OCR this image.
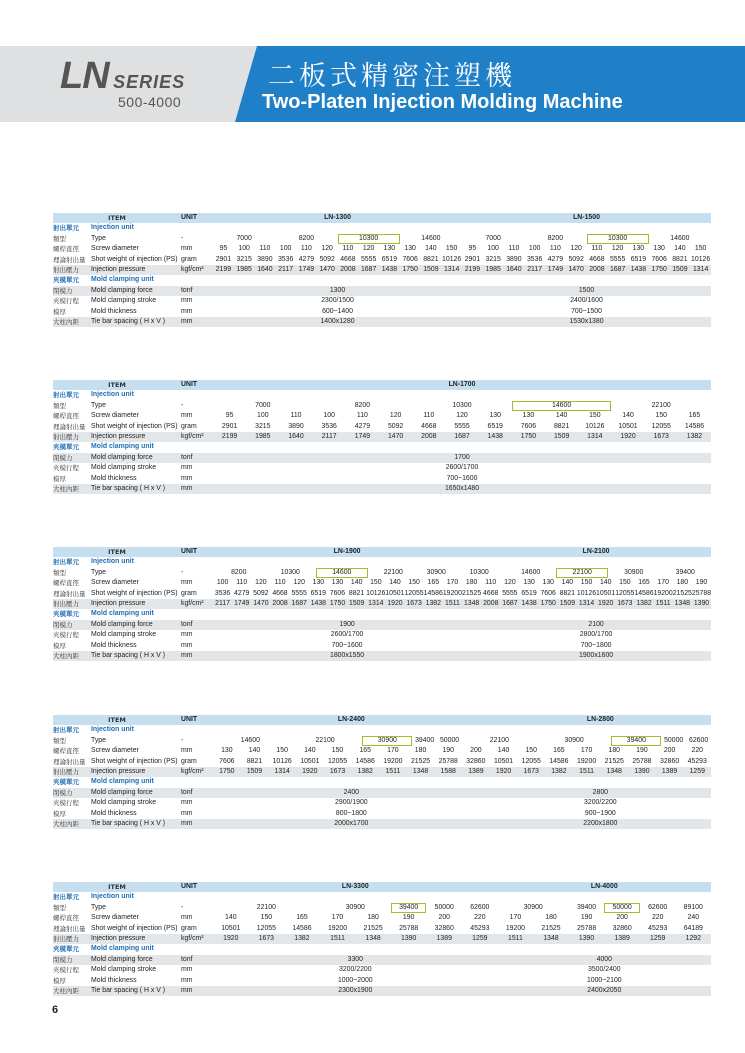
LN SERIES
500-4000
二板式精密注塑機
Two-Platen Injection Molding Machine
ITEM	UNIT	LN-1300	LN-1500
射出單元	Injection unit
類型	Type	-	7000	8200	10300	14600	7000	8200	10300	14600
螺桿直徑	Screw diameter	mm	95	100	110	100	110	120	110	120	130	130	140	150	95	100	110	100	110	120	110	120	130	130	140	150
理論射出量 Shot weight of injection (PS) gram	2901 3215 3890 3536 4279 5092 4668 5555 6519 7606 8821 10126 2901 3215 3890 3536 4279 5092 4668 5555 6519 7606 8821 10126
射出壓力	Injection pressure	kgf/cm²	2199 1985 1640 2117 1749 1470 2008 1687 1438 1750 1509 1314 2199 1985 1640 2117 1749 1470 2008 1687 1438 1750 1509 1314
夾模單元	Mold clamping unit
閉模力	Mold clamping force	tonf	1300	1500
夾模行程	Mold clamping stroke	mm	2300/1500	2400/1600
模厚	Mold thickness	mm	600~1400	700~1500
大柱內距	Tie bar spacing ( H x V )	mm	1400x1280	1530x1380
ITEM	UNIT	LN-1700
射出單元	Injection unit
類型	Type	-	7000	8200	10300	14600	22100
螺桿直徑	Screw diameter	mm	95	100	110	100	110	120	110	120	130	130	140	150	140	150	165
理論射出量 Shot weight of injection (PS) gram	2901	3215	3890	3536	4279	5092	4668	5555	6519	7606	8821	10126	10501	12055	14586
射出壓力	Injection pressure	kgf/cm²	2199	1985	1640	2117	1749	1470	2008	1687	1438	1750	1509	1314	1920	1673	1382
夾模單元	Mold clamping unit
閉模力	Mold clamping force	tonf	1700
夾模行程	Mold clamping stroke	mm	2600/1700
模厚	Mold thickness	mm	700~1600
大柱內距	Tie bar spacing ( H x V )	mm	1650x1480
ITEM	UNIT	LN-1900	LN-2100
射出單元	Injection unit
類型	Type	-	8200	10300	14600	22100	30900	10300	14600	22100	30900	39400
螺桿直徑	Screw diameter	mm	100	110	120	110	120	130	130	140	150	140	150	165	170	180	110	120	130	130	140	150	140	150	165	170	180	190
理論射出量 Shot weight of injection (PS) gram	3536 4279 5092 4668 5555 6519 7606 8821 10126 10501 12055 14586 19200 21525 4668 5555 6519 7606 8821 10126 10501 12055 14586 19200 21525 25788
射出壓力	Injection pressure	kgf/cm²	2117 1749 1470 2008 1687 1438 1750 1509 1314 1920 1673 1382 1511 1348 2008 1687 1438 1750 1509 1314 1920 1673 1382 1511 1348 1390
夾模單元	Mold clamping unit
閉模力	Mold clamping force	tonf	1900	2100
夾模行程	Mold clamping stroke	mm	2600/1700	2800/1700
模厚	Mold thickness	mm	700~1600	700~1800
大柱內距	Tie bar spacing ( H x V )	mm	1800x1550	1900x1600
ITEM	UNIT	LN-2400	LN-2800
射出單元	Injection unit
類型	Type	-	14600	22100	30900	39400 50000	22100	30900	39400	50000 62600
螺桿直徑	Screw diameter	mm	130	140	150	140	150	165	170	180	190	200	140	150	165	170	180	190	200	220
理論射出量 Shot weight of injection (PS) gram	7606	8821	10126	10501	12055	14586	19200	21525	25788	32860	10501	12055	14586	19200	21525	25788	32860	45293
射出壓力	Injection pressure	kgf/cm²	1750	1509	1314	1920	1673	1382	1511	1348	1588	1389	1920	1673	1382	1511	1348	1390	1389	1259
夾模單元	Mold clamping unit
閉模力	Mold clamping force	tonf	2400	2800
夾模行程	Mold clamping stroke	mm	2900/1900	3200/2200
模厚	Mold thickness	mm	800~1800	900~1900
大柱內距	Tie bar spacing ( H x V )	mm	2000x1700	2200x1800
ITEM	UNIT	LN-3300	LN-4000
射出單元	Injection unit
類型	Type	-	22100	30900	39400	50000	62600	30900	39400	50000	62600	89100
螺桿直徑	Screw diameter	mm	140	150	165	170	180	190	200	220	170	180	190	200	220	240
理論射出量 Shot weight of injection (PS) gram	10501	12055	14586	19200	21525	25788	32860	45293	19200	21525	25788	32860	45293	64189
射出壓力	Injection pressure	kgf/cm²	1920	1673	1382	1511	1348	1390	1389	1259	1511	1348	1390	1389	1259	1292
夾模單元	Mold clamping unit
閉模力	Mold clamping force	tonf	3300	4000
夾模行程	Mold clamping stroke	mm	3200/2200	3500/2400
模厚	Mold thickness	mm	1000~2000	1000~2100
大柱內距	Tie bar spacing ( H x V )	mm	2300x1900	2400x2050
6
